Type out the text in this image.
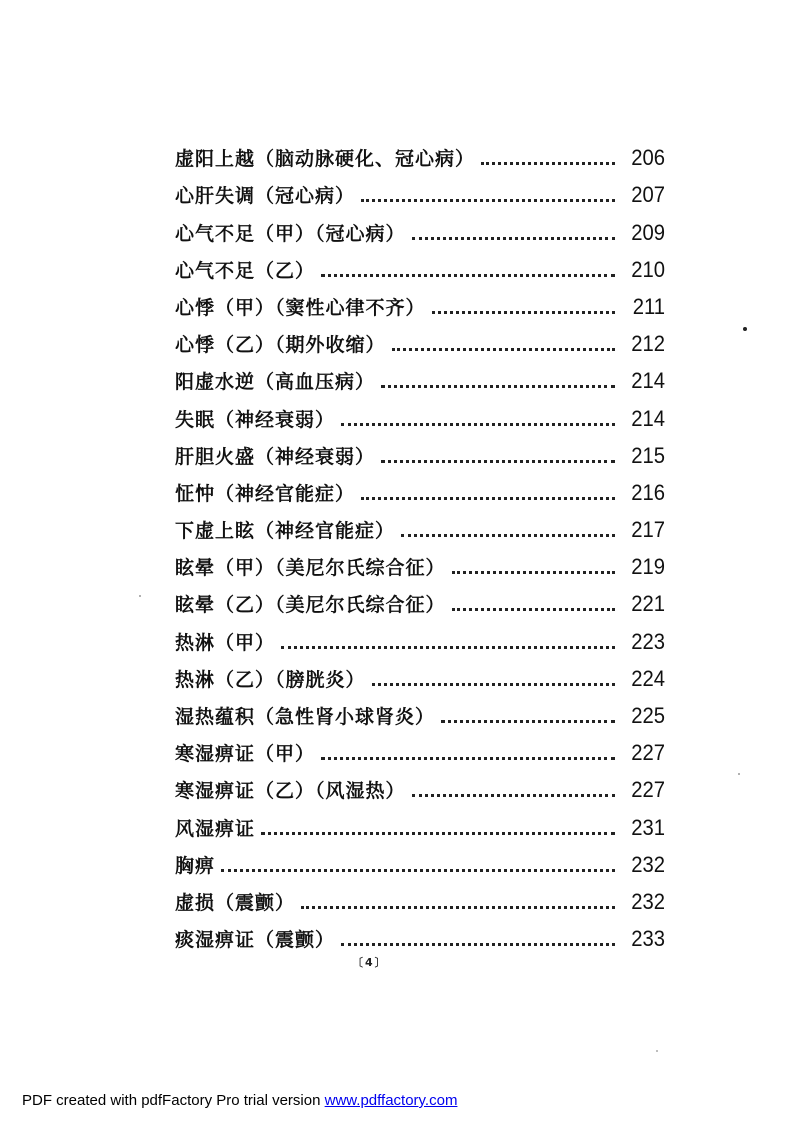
虚阳上越（脑动脉硬化、冠心病）	206
心肝失调（冠心病）	207
心气不足（甲）（冠心病）	209
心气不足（乙）	210
心悸（甲）（窦性心律不齐）	211
心悸（乙）（期外收缩）	212
阳虚水逆（高血压病）	214
失眠（神经衰弱）	214
肝胆火盛（神经衰弱）	215
怔忡（神经官能症）	216
下虚上眩（神经官能症）	217
眩晕（甲）（美尼尔氏综合征）	219
眩晕（乙）（美尼尔氏综合征）	221
热淋（甲）	223
热淋（乙）（膀胱炎）	224
湿热蕴积（急性肾小球肾炎）	225
寒湿痹证（甲）	227
寒湿痹证（乙）（风湿热）	227
风湿痹证	231
胸痹	232
虚损（震颤）	232
痰湿痹证（震颤）	233
〔4〕
PDF created with pdfFactory Pro trial version www.pdffactory.com
